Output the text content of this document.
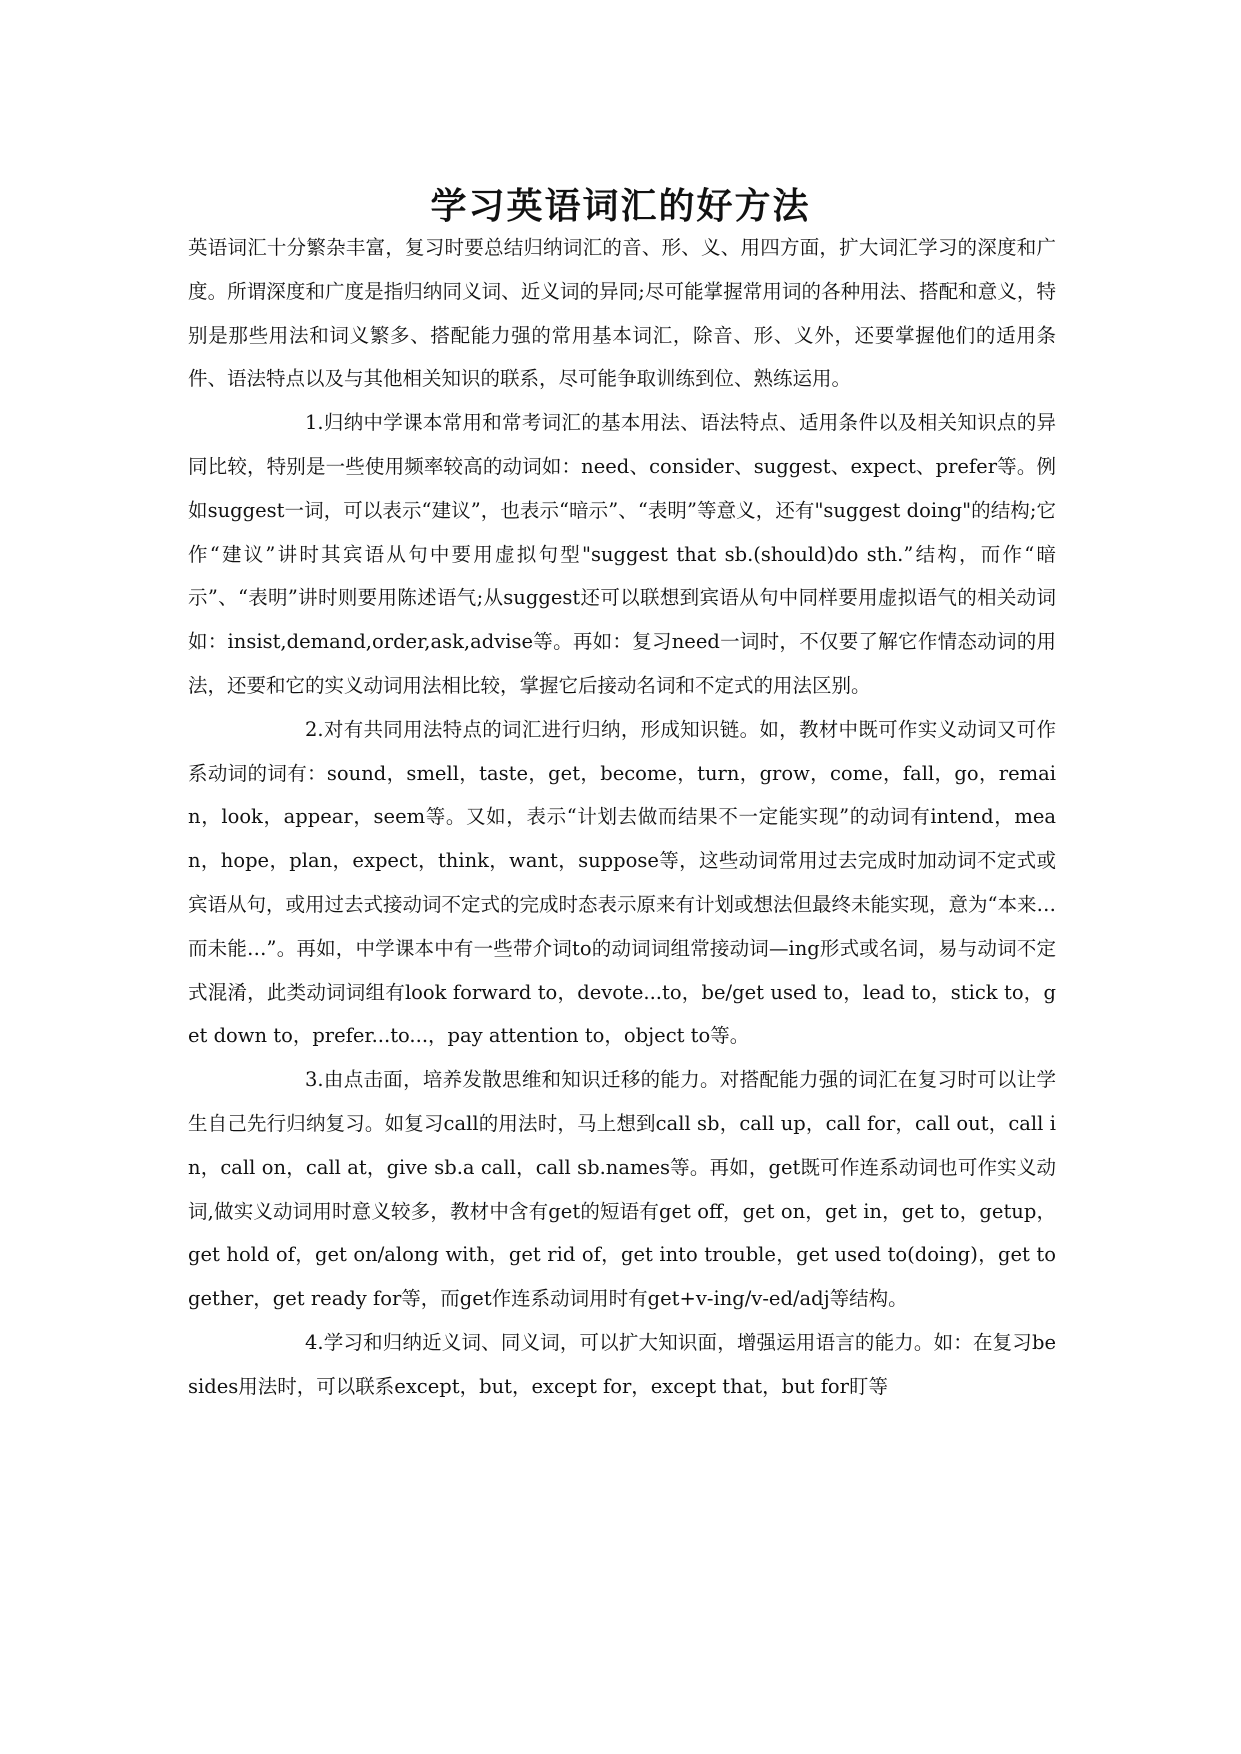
学习英语词汇的好方法

英语词汇十分繁杂丰富，复习时要总结归纳词汇的音、形、义、用四方面，扩大词汇学习的深度和广度。所谓深度和广度是指归纳同义词、近义词的异同;尽可能掌握常用词的各种用法、搭配和意义，特别是那些用法和词义繁多、搭配能力强的常用基本词汇，除音、形、义外，还要掌握他们的适用条件、语法特点以及与其他相关知识的联系，尽可能争取训练到位、熟练运用。

1.归纳中学课本常用和常考词汇的基本用法、语法特点、适用条件以及相关知识点的异同比较，特别是一些使用频率较高的动词如：need、consider、suggest、expect、prefer等。例如suggest一词，可以表示“建议”，也表示“暗示”、“表明”等意义，还有"suggest doing"的结构;它作“建议”讲时其宾语从句中要用虚拟句型"suggest that sb.(should)do sth.”结构，而作“暗示”、“表明”讲时则要用陈述语气;从suggest还可以联想到宾语从句中同样要用虚拟语气的相关动词如：insist,demand,order,ask,advise等。再如：复习need一词时，不仅要了解它作情态动词的用法，还要和它的实义动词用法相比较，掌握它后接动名词和不定式的用法区别。

2.对有共同用法特点的词汇进行归纳，形成知识链。如，教材中既可作实义动词又可作系动词的词有：sound，smell，taste，get，become，turn，grow，come，fall，go，remain，look，appear，seem等。又如，表示“计划去做而结果不一定能实现”的动词有intend，mean，hope，plan，expect，think，want，suppose等，这些动词常用过去完成时加动词不定式或宾语从句，或用过去式接动词不定式的完成时态表示原来有计划或想法但最终未能实现，意为“本来…而未能…”。再如，中学课本中有一些带介词to的动词词组常接动词—ing形式或名词，易与动词不定式混淆，此类动词词组有look forward to，devote...to，be/get used to，lead to，stick to，get down to，prefer...to...，pay attention to，object to等。

3.由点击面，培养发散思维和知识迁移的能力。对搭配能力强的词汇在复习时可以让学生自己先行归纳复习。如复习call的用法时，马上想到call sb，call up，call for，call out，call in，call on，call at，give sb.a call，call sb.names等。再如，get既可作连系动词也可作实义动词,做实义动词用时意义较多，教材中含有get的短语有get off，get on，get in，get to，getup，get hold of，get on/along with，get rid of，get into trouble，get used to(doing)，get together，get ready for等，而get作连系动词用时有get+v-ing/v-ed/adj等结构。

4.学习和归纳近义词、同义词，可以扩大知识面，增强运用语言的能力。如：在复习besides用法时，可以联系except，but，except for，except that，but for盯等
